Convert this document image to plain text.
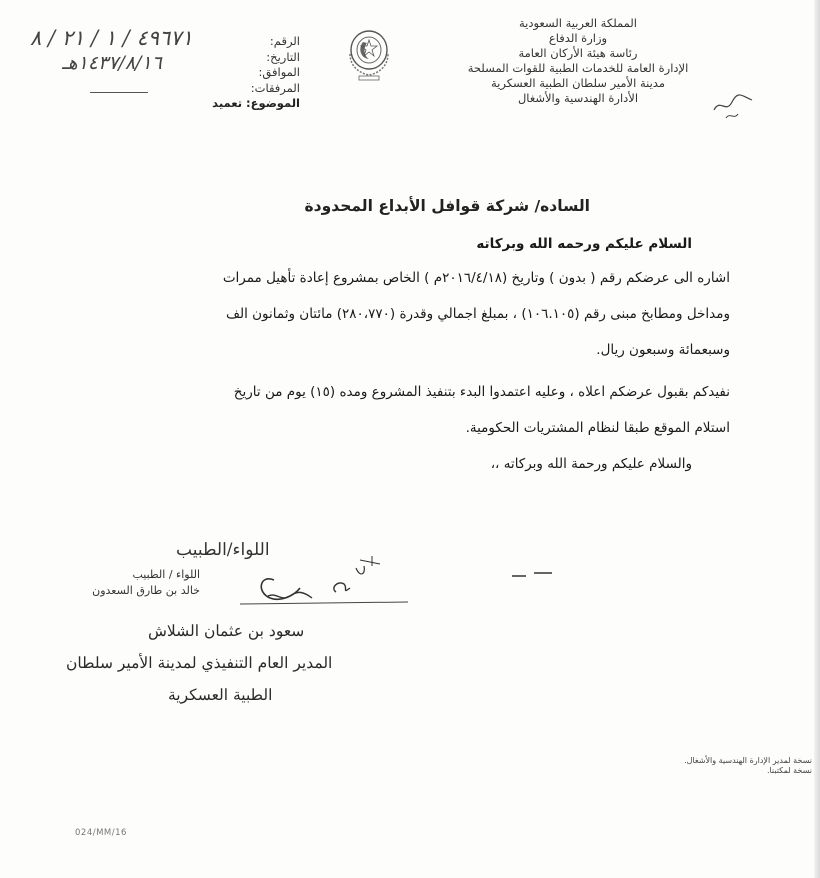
المملكة العربية السعودية
وزارة الدفاع
رئاسة هيئة الأركان العامة
الإدارة العامة للخدمات الطبية للقوات المسلحة
مدينة الأمير سلطان الطبية العسكرية
الأدارة الهندسية والأشغال
الرقم:
التاريخ:
الموافق:
المرفقات:
الموضوع: تعميد
٤٩٦٧١ / ١ / ٢١ / ٨
١٤٣٧/٨/١٦هـ
الساده/ شركة قوافل الأبداع المحدودة
السلام عليكم ورحمه الله وبركاته
اشاره الى عرضكم رقم ( بدون ) وتاريخ (٢٠١٦/٤/١٨م ) الخاص بمشروع إعادة تأهيل ممرات
ومداخل ومطابخ مبنى رقم (١٠٦.١٠٥) ، بمبلغ اجمالي وقدرة (٢٨٠،٧٧٠) مائتان وثمانون الف
وسبعمائة وسبعون ريال.
نفيدكم بقبول عرضكم اعلاه ، وعليه اعتمدوا البدء بتنفيذ المشروع ومده (١٥) يوم من تاريخ
استلام الموقع طبقا لنظام المشتريات الحكومية.
والسلام عليكم ورحمة الله وبركاته ،،
اللواء/الطبيب
اللواء / الطبيب
خالد بن طارق السعدون
سعود بن عثمان الشلاش
المدير العام التنفيذي لمدينة الأمير سلطان
الطبية العسكرية
نسخة لمدير الإدارة الهندسية والأشغال.
نسخة لمكتبنا.
024/MM/16
